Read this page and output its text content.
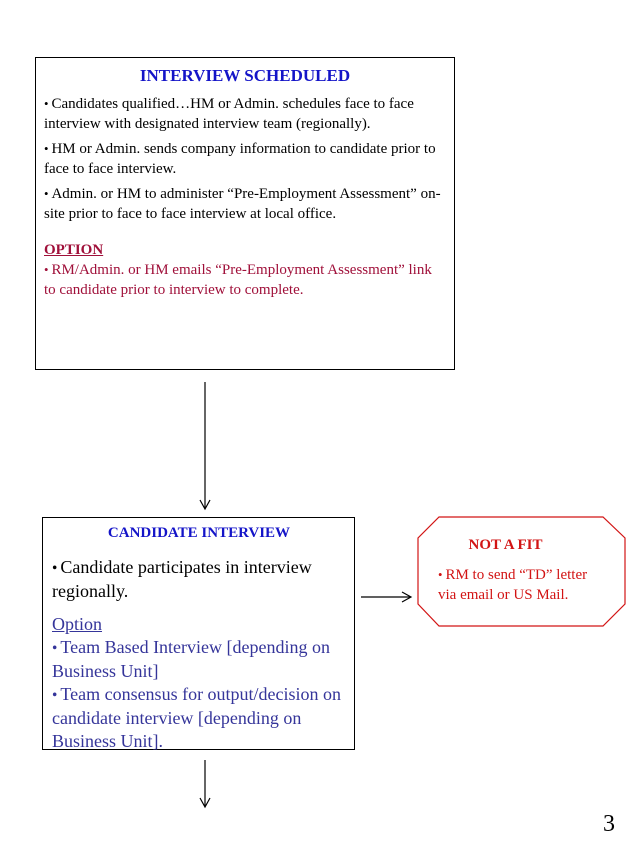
INTERVIEW SCHEDULED
• Candidates qualified…HM or Admin. schedules face to face interview with designated interview team (regionally).
• HM or Admin. sends company information to candidate prior to face to face interview.
• Admin. or HM to administer “Pre-Employment Assessment” on-site prior to face to face interview at local office.
OPTION
• RM/Admin. or HM emails “Pre-Employment Assessment” link to candidate prior to interview to complete.
CANDIDATE INTERVIEW
• Candidate participates in interview regionally.
Option
• Team Based Interview [depending on Business Unit]
• Team consensus for output/decision on candidate interview [depending on Business Unit].
NOT A FIT
• RM to send “TD” letter via email or US Mail.
3
